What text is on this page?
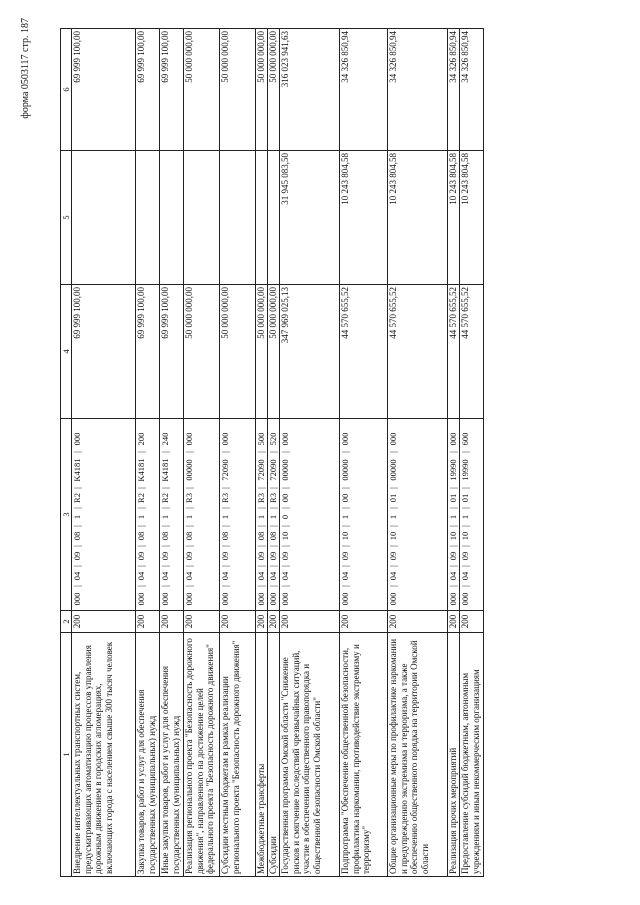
форма 0503117 стр. 187
1	2	3	4	5	6
Внедрение интеллектуальных транспортных систем, предусматривающих автоматизацию процессов управления дорожным движением в городских агломерациях, включающих города с населением свыше 300 тысяч человек	200	000|04|09|08|1|R2|K4181|000	69 999 100,00		69 999 100,00
Закупка товаров, работ и услуг для обеспечения государственных (муниципальных) нужд	200	000|04|09|08|1|R2|K4181|200	69 999 100,00		69 999 100,00
Иные закупки товаров, работ и услуг для обеспечения государственных (муниципальных) нужд	200	000|04|09|08|1|R2|K4181|240	69 999 100,00		69 999 100,00
Реализация регионального проекта "Безопасность дорожного движения", направленного на достижение целей федерального проекта "Безопасность дорожного движения"	200	000|04|09|08|1|R3|00000|000	50 000 000,00		50 000 000,00
Субсидии местным бюджетам в рамках реализации регионального проекта "Безопасность дорожного движения"	200	000|04|09|08|1|R3|72090|000	50 000 000,00		50 000 000,00
Межбюджетные трансферты	200	000|04|09|08|1|R3|72090|500	50 000 000,00		50 000 000,00
Субсидии	200	000|04|09|08|1|R3|72090|520	50 000 000,00		50 000 000,00
Государственная программа Омской области "Снижение рисков и смягчение последствий чрезвычайных ситуаций, участие в обеспечении общественного правопорядка и общественной безопасности Омской области"	200	000|04|09|10|0|00|00000|000	347 969 025,13	31 945 083,50	316 023 941,63
Подпрограмма "Обеспечение общественной безопасности, профилактика наркомании, противодействие экстремизму и терроризму"	200	000|04|09|10|1|00|00000|000	44 570 655,52	10 243 804,58	34 326 850,94
Общие организационные меры по профилактике наркомании и предупреждению экстремизма и терроризма, а также обеспечению общественного порядка на территории Омской области	200	000|04|09|10|1|01|00000|000	44 570 655,52	10 243 804,58	34 326 850,94
Реализация прочих мероприятий	200	000|04|09|10|1|01|19990|000	44 570 655,52	10 243 804,58	34 326 850,94
Предоставление субсидий бюджетным, автономным учреждениям и иным некоммерческим организациям	200	000|04|09|10|1|01|19990|600	44 570 655,52	10 243 804,58	34 326 850,94
